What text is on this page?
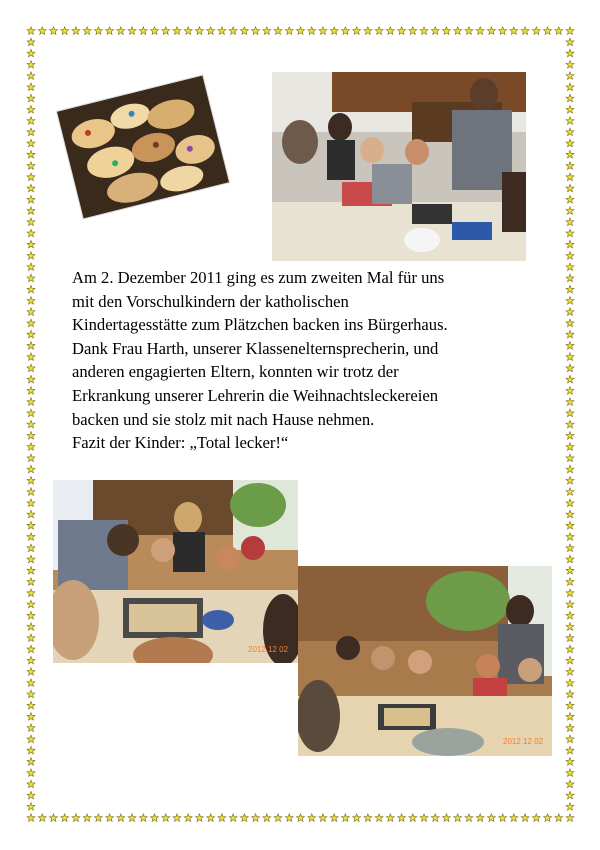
Am 2. Dezember 2011 ging es zum zweiten Mal für uns

mit den Vorschulkindern der katholischen

Kindertagesstätte zum Plätzchen backen ins Bürgerhaus.

Dank Frau Harth, unserer Klassenelternsprecherin, und

anderen engagierten Eltern, konnten wir trotz der

Erkrankung unserer Lehrerin die Weihnachtsleckereien

backen und sie stolz mit nach Hause nehmen.

Fazit der Kinder: „Total lecker!“

2012 12 02
2012 12 02
